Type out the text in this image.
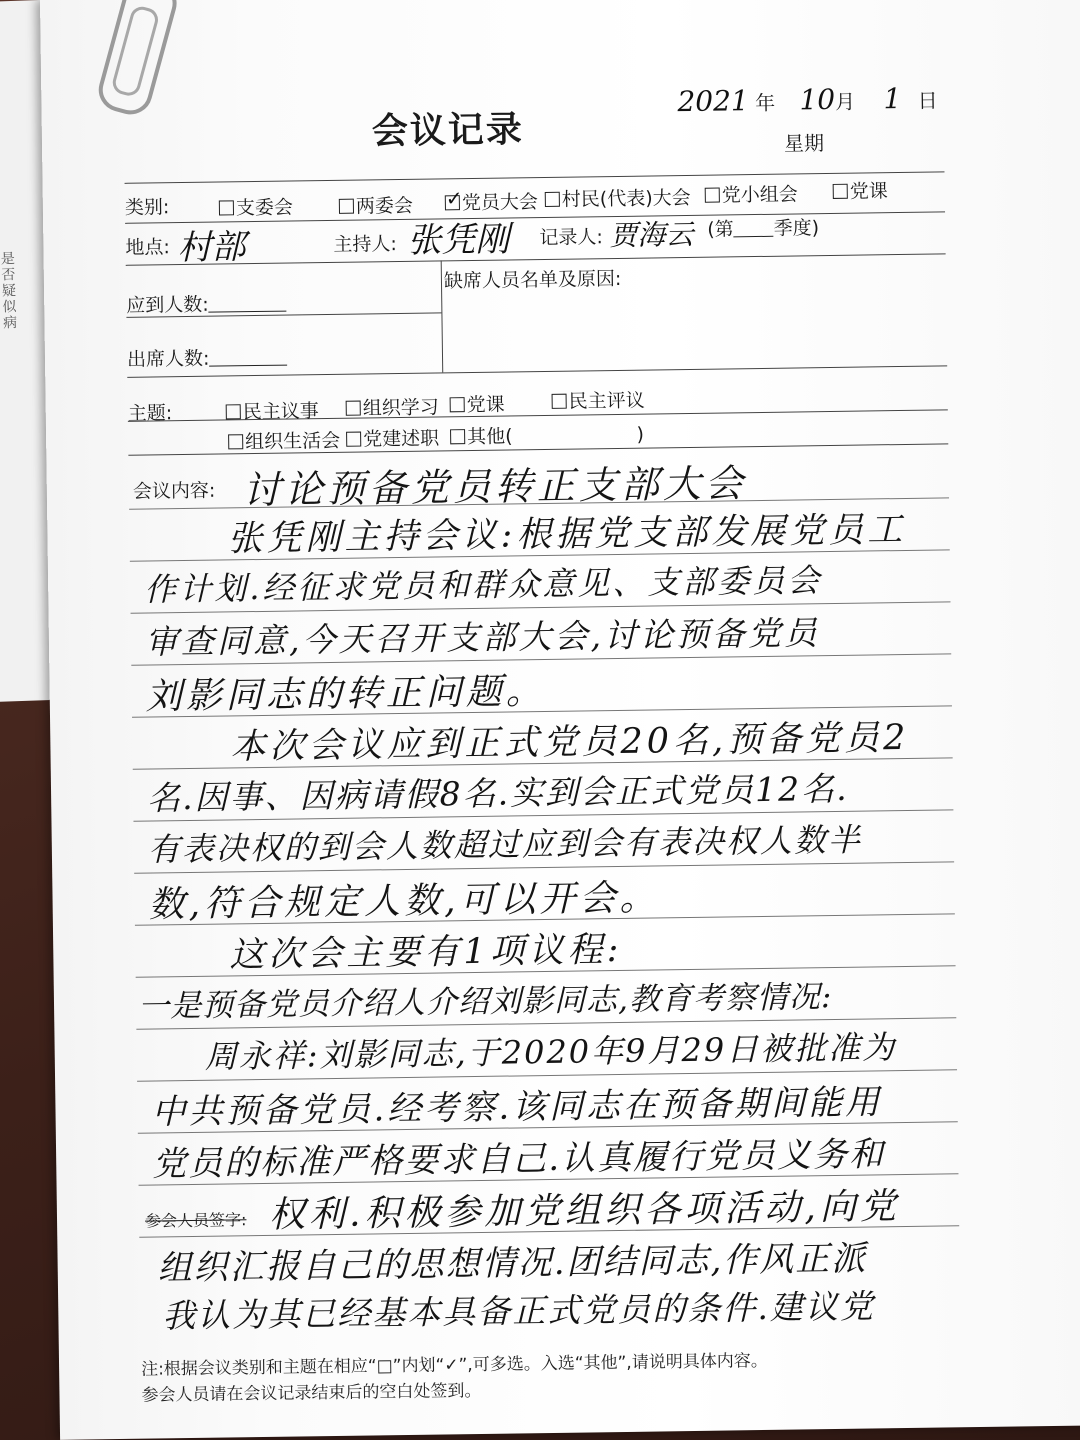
是否疑似病
会议记录
2021 年 10月 1 日
星期
类别:	支委会	两委会
✓	党员大会	村民(代表)大会	党小组会	党课
地点: 村部	主持人: 张凭刚 记录人: 贾海云 (第 季度)
缺席人员名单及原因:
应到人数:
出席人数:
主题:	民主议事	组织学习	党课	民主评议
组织生活会	党建述职	其他(	)
会议内容: 讨论预备党员转正支部大会
张凭刚主持会议:根据党支部发展党员工
作计划.经征求党员和群众意见、支部委员会
审查同意,今天召开支部大会,讨论预备党员
刘影同志的转正问题。
本次会议应到正式党员20名,预备党员2
名.因事、因病请假8名.实到会正式党员12名.
有表决权的到会人数超过应到会有表决权人数半
数,符合规定人数,可以开会。
这次会主要有1项议程:
一是预备党员介绍人介绍刘影同志,教育考察情况:
周永祥:刘影同志,于2020年9月29日被批准为
中共预备党员.经考察.该同志在预备期间能用
党员的标准严格要求自己.认真履行党员义务和
参会人员签字: 权利.积极参加党组织各项活动,向党
组织汇报自己的思想情况.团结同志,作风正派
我认为其已经基本具备正式党员的条件.建议党
注:根据会议类别和主题在相应“□”内划“✓”,可多选。入选“其他”,请说明具体内容。
参会人员请在会议记录结束后的空白处签到。
